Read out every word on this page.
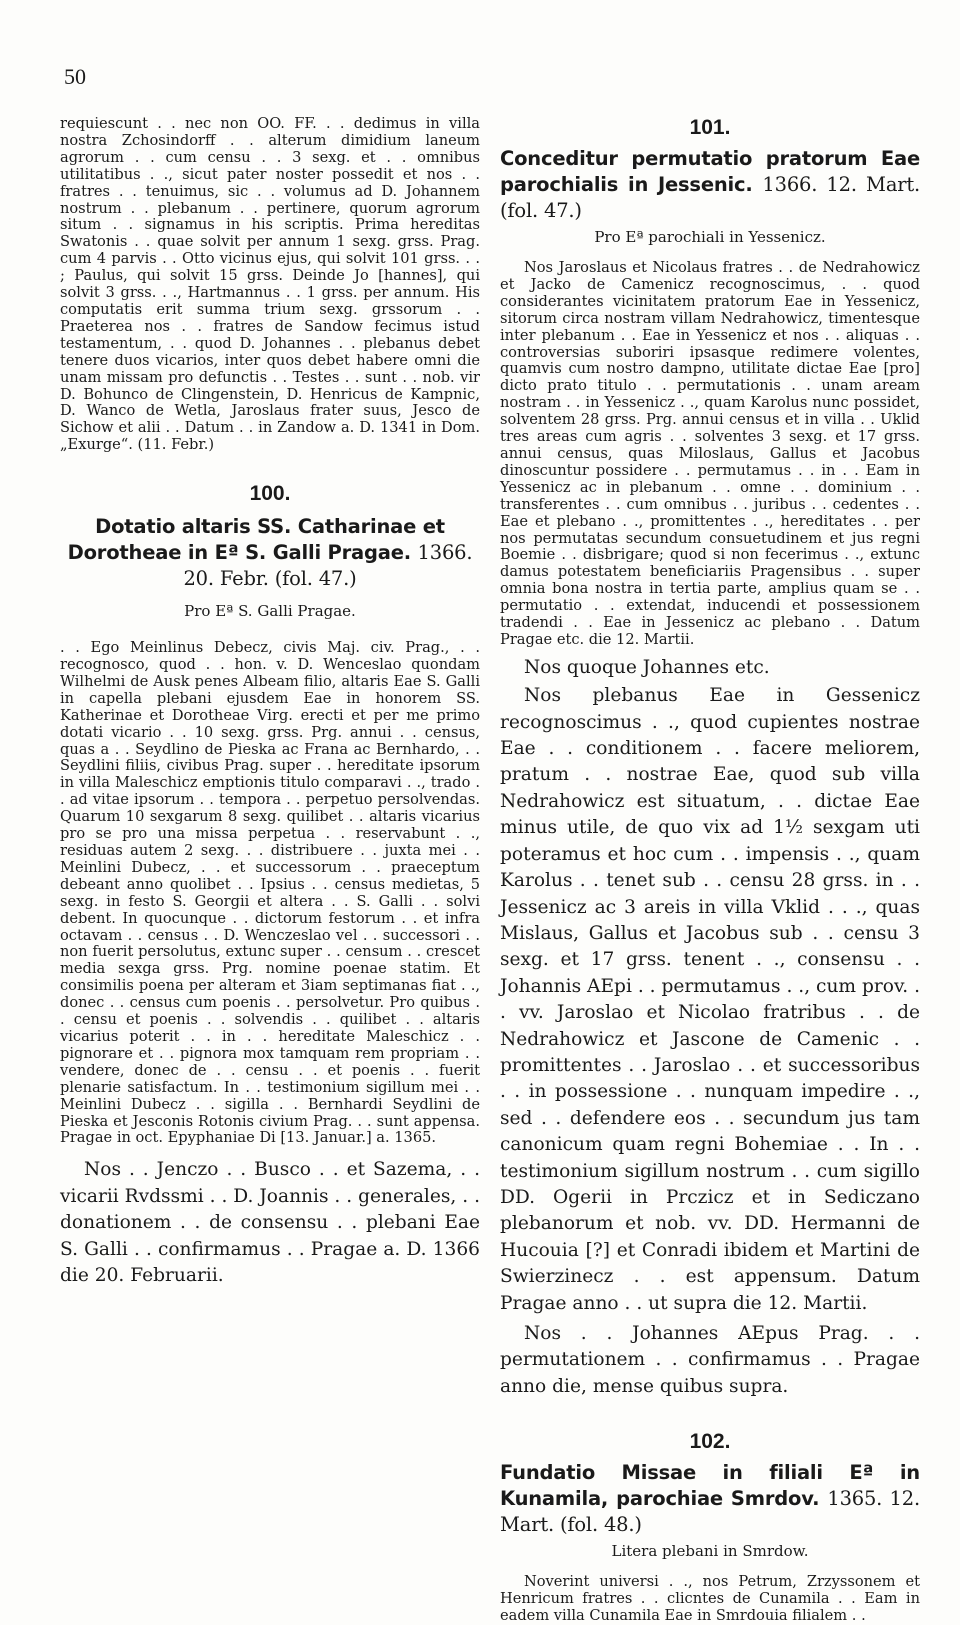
50

requiescunt . . nec non OO. FF. . . dedimus in villa nostra Zchosindorff . . alterum dimidium laneum agrorum . . cum censu . . 3 sexg. et . . omnibus utilitatibus . ., sicut pater noster possedit et nos . . fratres . . tenuimus, sic . . volumus ad D. Johannem nostrum . . plebanum . . pertinere, quorum agrorum situm . . signamus in his scriptis. Prima hereditas Swatonis . . quae solvit per annum 1 sexg. grss. Prag. cum 4 parvis . . Otto vicinus ejus, qui solvit 101 grss. . . ; Paulus, qui solvit 15 grss. Deinde Jo [hannes], qui solvit 3 grss. . ., Hartmannus . . 1 grss. per annum. His computatis erit summa trium sexg. grssorum . . Praeterea nos . . fratres de Sandow fecimus istud testamentum, . . quod D. Johannes . . plebanus debet tenere duos vicarios, inter quos debet habere omni die unam missam pro defunctis . . Testes . . sunt . . nob. vir D. Bohunco de Clingenstein, D. Henricus de Kampnic, D. Wanco de Wetla, Jaroslaus frater suus, Jesco de Sichow et alii . . Datum . . in Zandow a. D. 1341 in Dom. „Exurge“. (11. Febr.)

100.

Dotatio altaris SS. Catharinae et Dorotheae in Eª S. Galli Pragae. 1366. 20. Febr. (fol. 47.)

Pro Eª S. Galli Pragae.

. . Ego Meinlinus Debecz, civis Maj. civ. Prag., . . recognosco, quod . . hon. v. D. Wenceslao quondam Wilhelmi de Ausk penes Albeam filio, altaris Eae S. Galli in capella plebani ejusdem Eae in honorem SS. Katherinae et Dorotheae Virg. erecti et per me primo dotati vicario . . 10 sexg. grss. Prg. annui . . census, quas a . . Seydlino de Pieska ac Frana ac Bernhardo, . . Seydlini filiis, civibus Prag. super . . hereditate ipsorum in villa Maleschicz emptionis titulo comparavi . ., trado . . ad vitae ipsorum . . tempora . . perpetuo persolvendas. Quarum 10 sexgarum 8 sexg. quilibet . . altaris vicarius pro se pro una missa perpetua . . reservabunt . ., residuas autem 2 sexg. . . distribuere . . juxta mei . . Meinlini Dubecz, . . et successorum . . praeceptum debeant anno quolibet . . Ipsius . . census medietas, 5 sexg. in festo S. Georgii et altera . . S. Galli . . solvi debent. In quocunque . . dictorum festorum . . et infra octavam . . census . . D. Wenczeslao vel . . successori . . non fuerit persolutus, extunc super . . censum . . crescet media sexga grss. Prg. nomine poenae statim. Et consimilis poena per alteram et 3iam septimanas fiat . ., donec . . census cum poenis . . persolvetur. Pro quibus . . censu et poenis . . solvendis . . quilibet . . altaris vicarius poterit . . in . . hereditate Maleschicz . . pignorare et . . pignora mox tamquam rem propriam . . vendere, donec de . . censu . . et poenis . . fuerit plenarie satisfactum. In . . testimonium sigillum mei . . Meinlini Dubecz . . sigilla . . Bernhardi Seydlini de Pieska et Jesconis Rotonis civium Prag. . . sunt appensa. Pragae in oct. Epyphaniae Di [13. Januar.] a. 1365.

Nos . . Jenczo . . Busco . . et Sazema, . . vicarii Rvdssmi . . D. Joannis . . generales, . . donationem . . de consensu . . plebani Eae S. Galli . . confirmamus . . Pragae a. D. 1366 die 20. Februarii.

101.

Conceditur permutatio pratorum Eae parochialis in Jessenic. 1366. 12. Mart. (fol. 47.)

Pro Eª parochiali in Yessenicz.

Nos Jaroslaus et Nicolaus fratres . . de Nedrahowicz et Jacko de Camenicz recognoscimus, . . quod considerantes vicinitatem pratorum Eae in Yessenicz, sitorum circa nostram villam Nedrahowicz, timentesque inter plebanum . . Eae in Yessenicz et nos . . aliquas . . controversias suboriri ipsasque redimere volentes, quamvis cum nostro dampno, utilitate dictae Eae [pro] dicto prato titulo . . permutationis . . unam aream nostram . . in Yessenicz . ., quam Karolus nunc possidet, solventem 28 grss. Prg. annui census et in villa . . Uklid tres areas cum agris . . solventes 3 sexg. et 17 grss. annui census, quas Miloslaus, Gallus et Jacobus dinoscuntur possidere . . permutamus . . in . . Eam in Yessenicz ac in plebanum . . omne . . dominium . . transferentes . . cum omnibus . . juribus . . cedentes . . Eae et plebano . ., promittentes . ., hereditates . . per nos permutatas secundum consuetudinem et jus regni Boemie . . disbrigare; quod si non fecerimus . ., extunc damus potestatem beneficiariis Pragensibus . . super omnia bona nostra in tertia parte, amplius quam se . . permutatio . . extendat, inducendi et possessionem tradendi . . Eae in Jessenicz ac plebano . . Datum Pragae etc. die 12. Martii.

Nos quoque Johannes etc.

Nos plebanus Eae in Gessenicz recognoscimus . ., quod cupientes nostrae Eae . . conditionem . . facere meliorem, pratum . . nostrae Eae, quod sub villa Nedrahowicz est situatum, . . dictae Eae minus utile, de quo vix ad 1½ sexgam uti poteramus et hoc cum . . impensis . ., quam Karolus . . tenet sub . . censu 28 grss. in . . Jessenicz ac 3 areis in villa Vklid . . ., quas Mislaus, Gallus et Jacobus sub . . censu 3 sexg. et 17 grss. tenent . ., consensu . . Johannis AEpi . . permutamus . ., cum prov. . . vv. Jaroslao et Nicolao fratribus . . de Nedrahowicz et Jascone de Camenic . . promittentes . . Jaroslao . . et successoribus . . in possessione . . nunquam impedire . ., sed . . defendere eos . . secundum jus tam canonicum quam regni Bohemiae . . In . . testimonium sigillum nostrum . . cum sigillo DD. Ogerii in Prczicz et in Sediczano plebanorum et nob. vv. DD. Hermanni de Hucouia [?] et Conradi ibidem et Martini de Swierzinecz . . est appensum. Datum Pragae anno . . ut supra die 12. Martii.

Nos . . Johannes AEpus Prag. . . permutationem . . confirmamus . . Pragae anno die, mense quibus supra.

102.

Fundatio Missae in filiali Eª in Kunamila, parochiae Smrdov. 1365. 12. Mart. (fol. 48.)

Litera plebani in Smrdow.

Noverint universi . ., nos Petrum, Zrzyssonem et Henricum fratres . . clicntes de Cunamila . . Eam in eadem villa Cunamila Eae in Smrdouia filialem . .
